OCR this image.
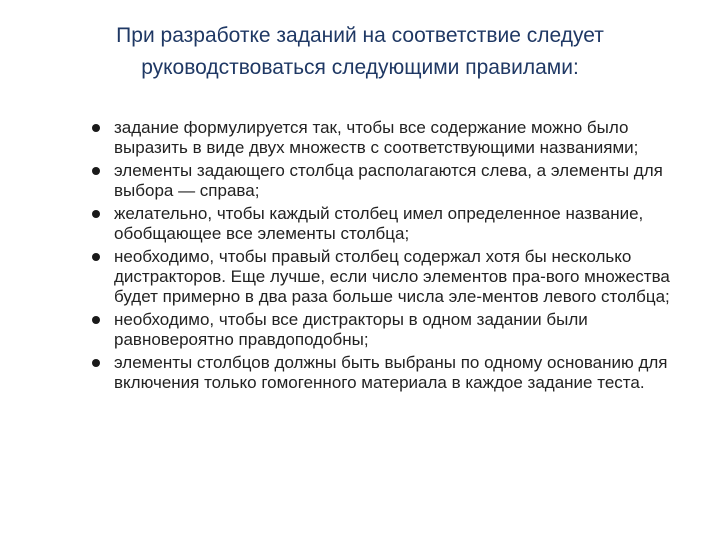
При разработке заданий на соответствие следует
руководствоваться следующими правилами:
задание формулируется так, чтобы все содержание можно было выразить в виде двух множеств с соответствующими названиями;
элементы задающего столбца располагаются слева, а элементы для выбора — справа;
желательно, чтобы каждый столбец имел определенное название, обобщающее все элементы столбца;
необходимо, чтобы правый столбец содержал хотя бы несколько дистракторов. Еще лучше, если число элементов пра-вого множества будет примерно в два раза больше числа эле-ментов левого столбца;
необходимо, чтобы все дистракторы в одном задании были равновероятно правдоподобны;
элементы столбцов должны быть выбраны по одному основанию для включения только гомогенного материала в каждое задание теста.
